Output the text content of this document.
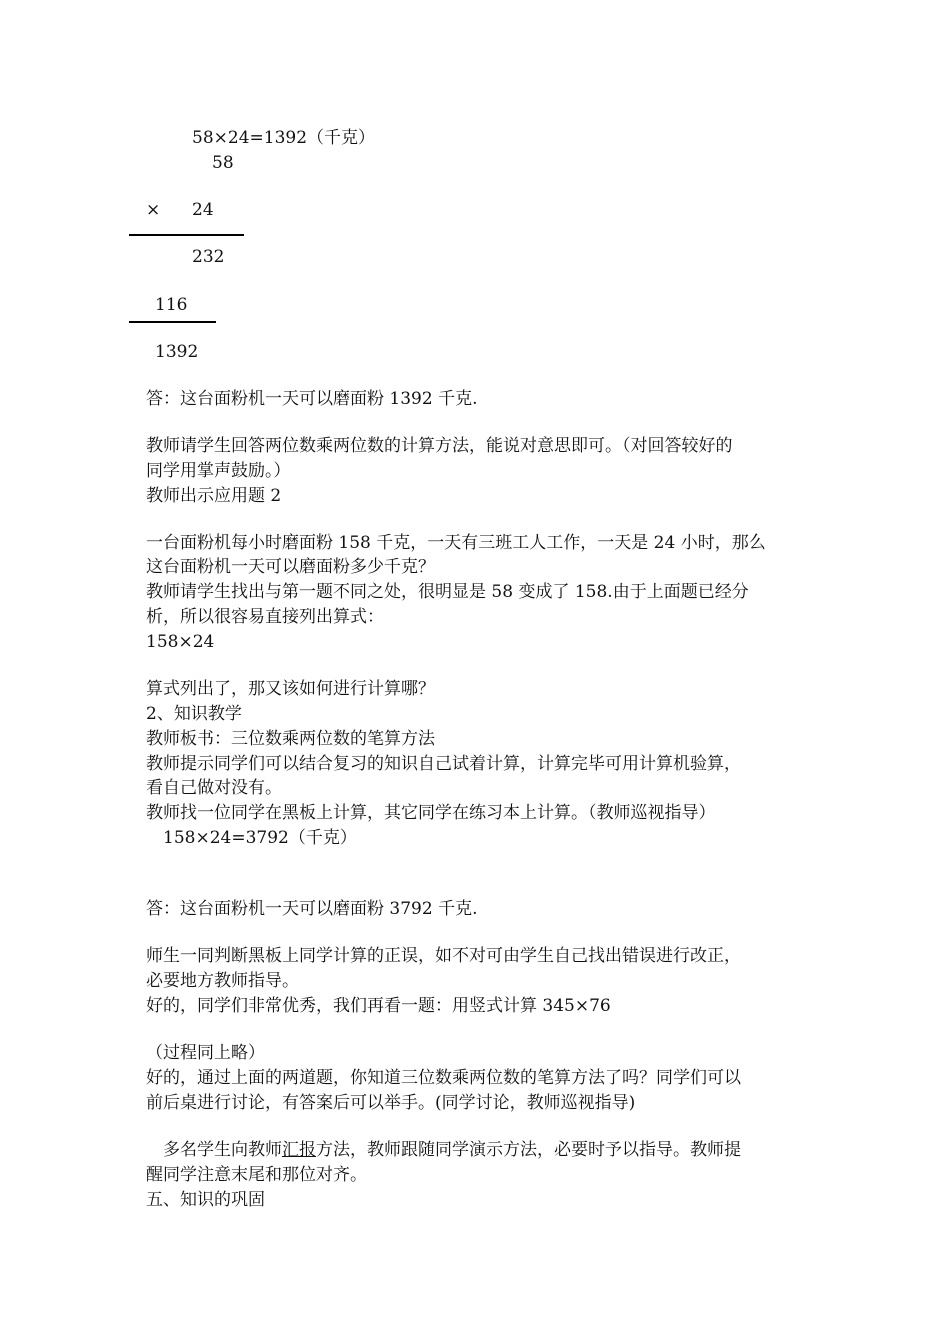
58×24=1392（千克）
58
× 24
232
116
1392
答：这台面粉机一天可以磨面粉 1392 千克.
教师请学生回答两位数乘两位数的计算方法，能说对意思即可。（对回答较好的
同学用掌声鼓励。）
教师出示应用题 2
一台面粉机每小时磨面粉 158 千克，一天有三班工人工作，一天是 24 小时，那么
这台面粉机一天可以磨面粉多少千克？
教师请学生找出与第一题不同之处，很明显是 58 变成了 158.由于上面题已经分
析，所以很容易直接列出算式：
158×24
算式列出了，那又该如何进行计算哪？
2、知识教学
教师板书：三位数乘两位数的笔算方法
教师提示同学们可以结合复习的知识自己试着计算，计算完毕可用计算机验算，
看自己做对没有。
教师找一位同学在黑板上计算，其它同学在练习本上计算。（教师巡视指导）
158×24=3792（千克）
答：这台面粉机一天可以磨面粉 3792 千克.
师生一同判断黑板上同学计算的正误，如不对可由学生自己找出错误进行改正，
必要地方教师指导。
好的，同学们非常优秀，我们再看一题：用竖式计算 345×76
（过程同上略）
好的，通过上面的两道题，你知道三位数乘两位数的笔算方法了吗？同学们可以
前后桌进行讨论，有答案后可以举手。(同学讨论，教师巡视指导)
多名学生向教师汇报方法，教师跟随同学演示方法，必要时予以指导。教师提
醒同学注意末尾和那位对齐。
五、知识的巩固
